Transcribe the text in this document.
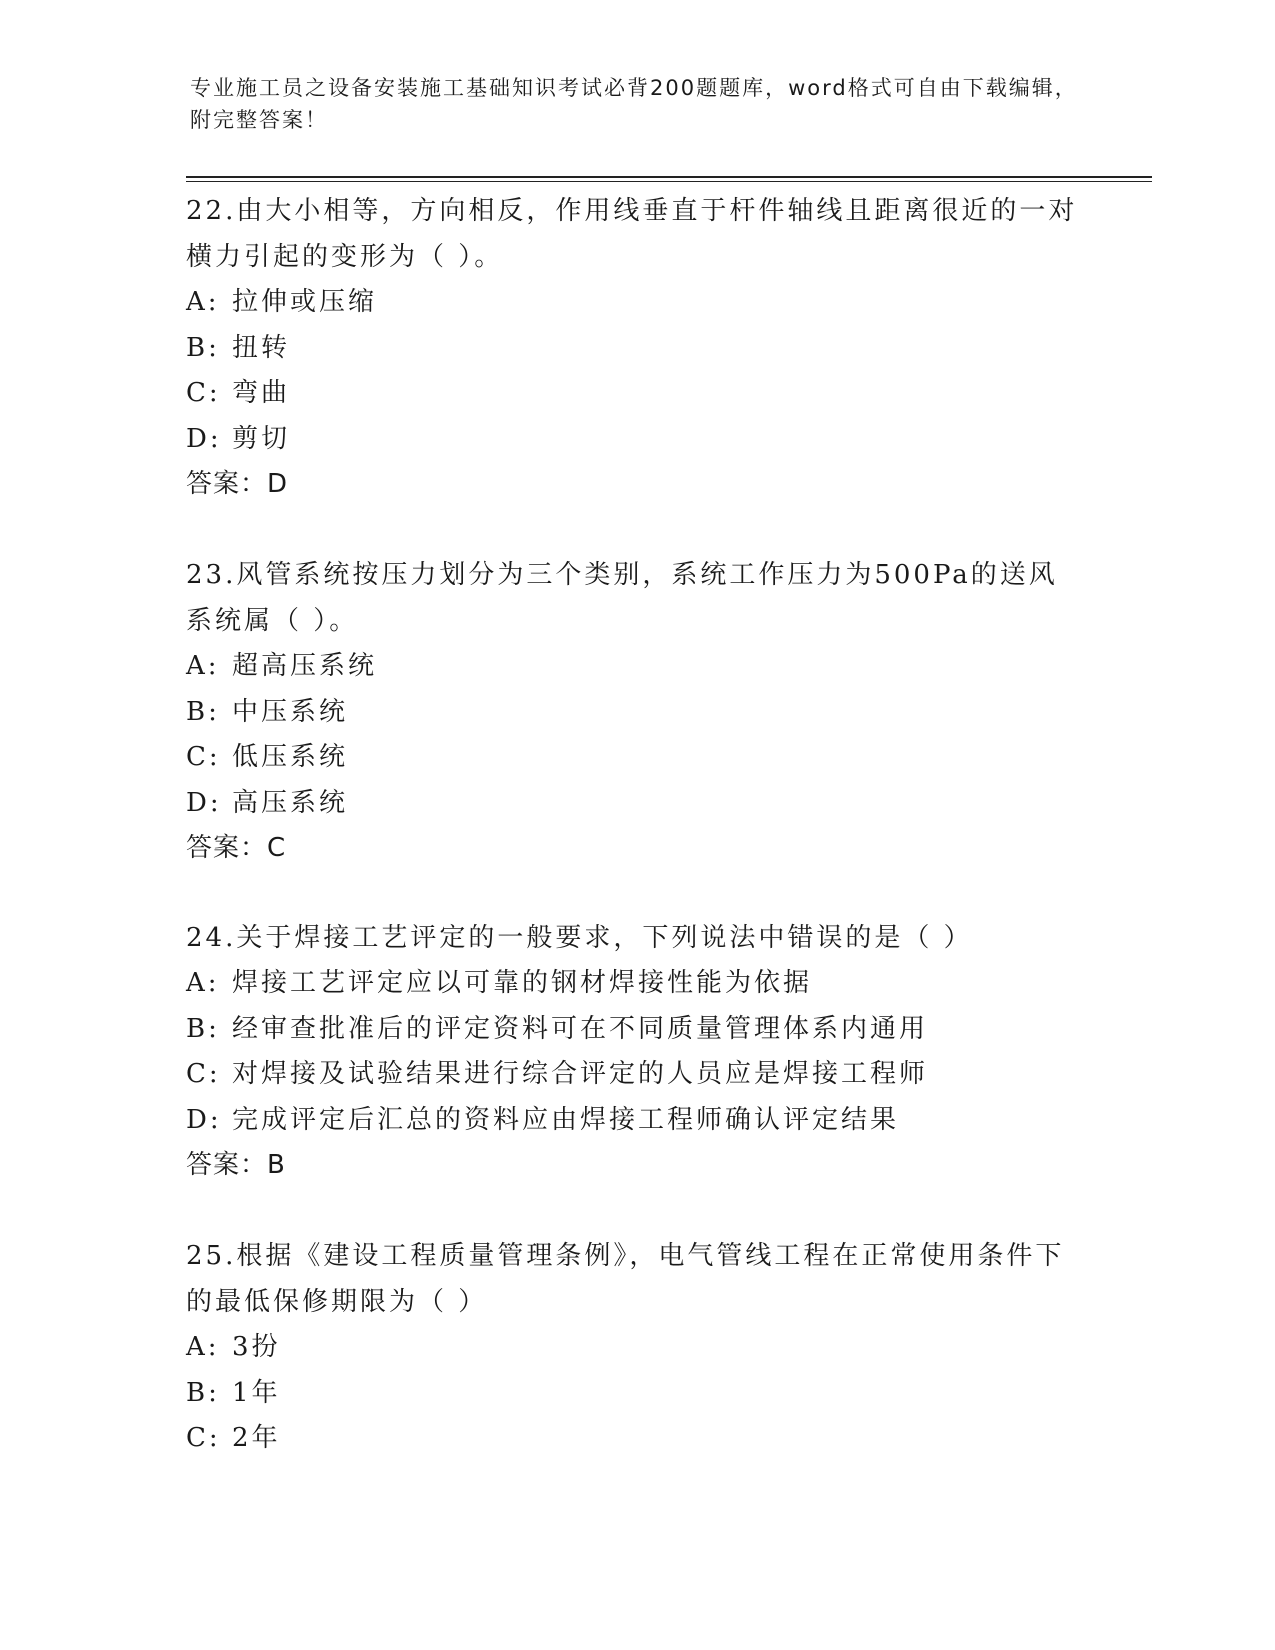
专业施工员之设备安装施工基础知识考试必背200题题库，word格式可自由下载编辑，附完整答案！

22.由大小相等，方向相反，作用线垂直于杆件轴线且距离很近的一对横力引起的变形为（ ）。

A: 拉伸或压缩

B: 扭转

C: 弯曲

D: 剪切

答案：D

23.风管系统按压力划分为三个类别，系统工作压力为500Pa的送风系统属（ ）。

A: 超高压系统

B: 中压系统

C: 低压系统

D: 高压系统

答案：C

24.关于焊接工艺评定的一般要求，下列说法中错误的是（ ）

A: 焊接工艺评定应以可靠的钢材焊接性能为依据

B: 经审查批准后的评定资料可在不同质量管理体系内通用

C: 对焊接及试验结果进行综合评定的人员应是焊接工程师

D: 完成评定后汇总的资料应由焊接工程师确认评定结果

答案：B

25.根据《建设工程质量管理条例》，电气管线工程在正常使用条件下的最低保修期限为（ ）

A: 3扮

B: 1年

C: 2年
